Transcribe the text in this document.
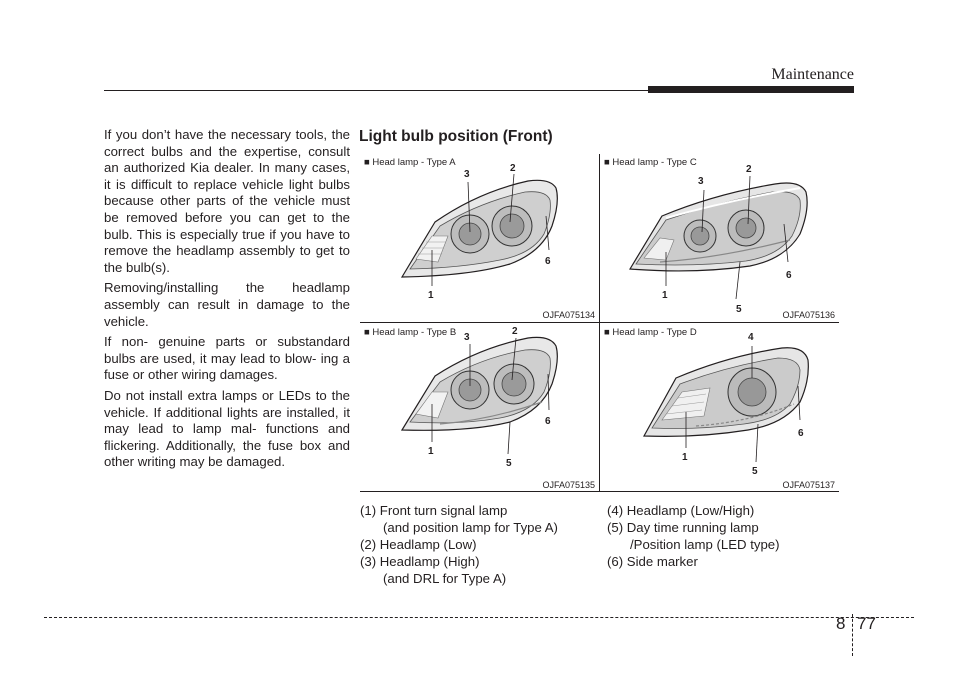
Maintenance

If you don’t have the necessary tools, the correct bulbs and the expertise, consult an authorized Kia dealer. In many cases, it is difficult to replace vehicle light bulbs because other parts of the vehicle must be removed before you can get to the bulb. This is especially true if you have to remove the headlamp assembly to get to the bulb(s).

Removing/installing the headlamp assembly can result in damage to the vehicle.

If non- genuine parts or substandard bulbs are used, it may lead to blow- ing a fuse or other wiring damages.

Do not install extra lamps or LEDs to the vehicle. If additional lights are installed, it may lead to lamp mal- functions and flickering. Additionally, the fuse box and other writing may be damaged.

Light bulb position (Front)
3
2
6
1
■ Head lamp - Type A
OJFA075134
3
2
6
1
5
■ Head lamp - Type C
OJFA075136
3
2
6
1
5
■ Head lamp - Type B
OJFA075135
4
6
1
5
■ Head lamp - Type D
OJFA075137
(1) Front turn signal lamp
(and position lamp for Type A)
(2) Headlamp (Low)
(3) Headlamp (High)
(and DRL for Type A)
(4) Headlamp (Low/High)
(5) Day time running lamp
/Position lamp (LED type)
(6) Side marker
8 77
